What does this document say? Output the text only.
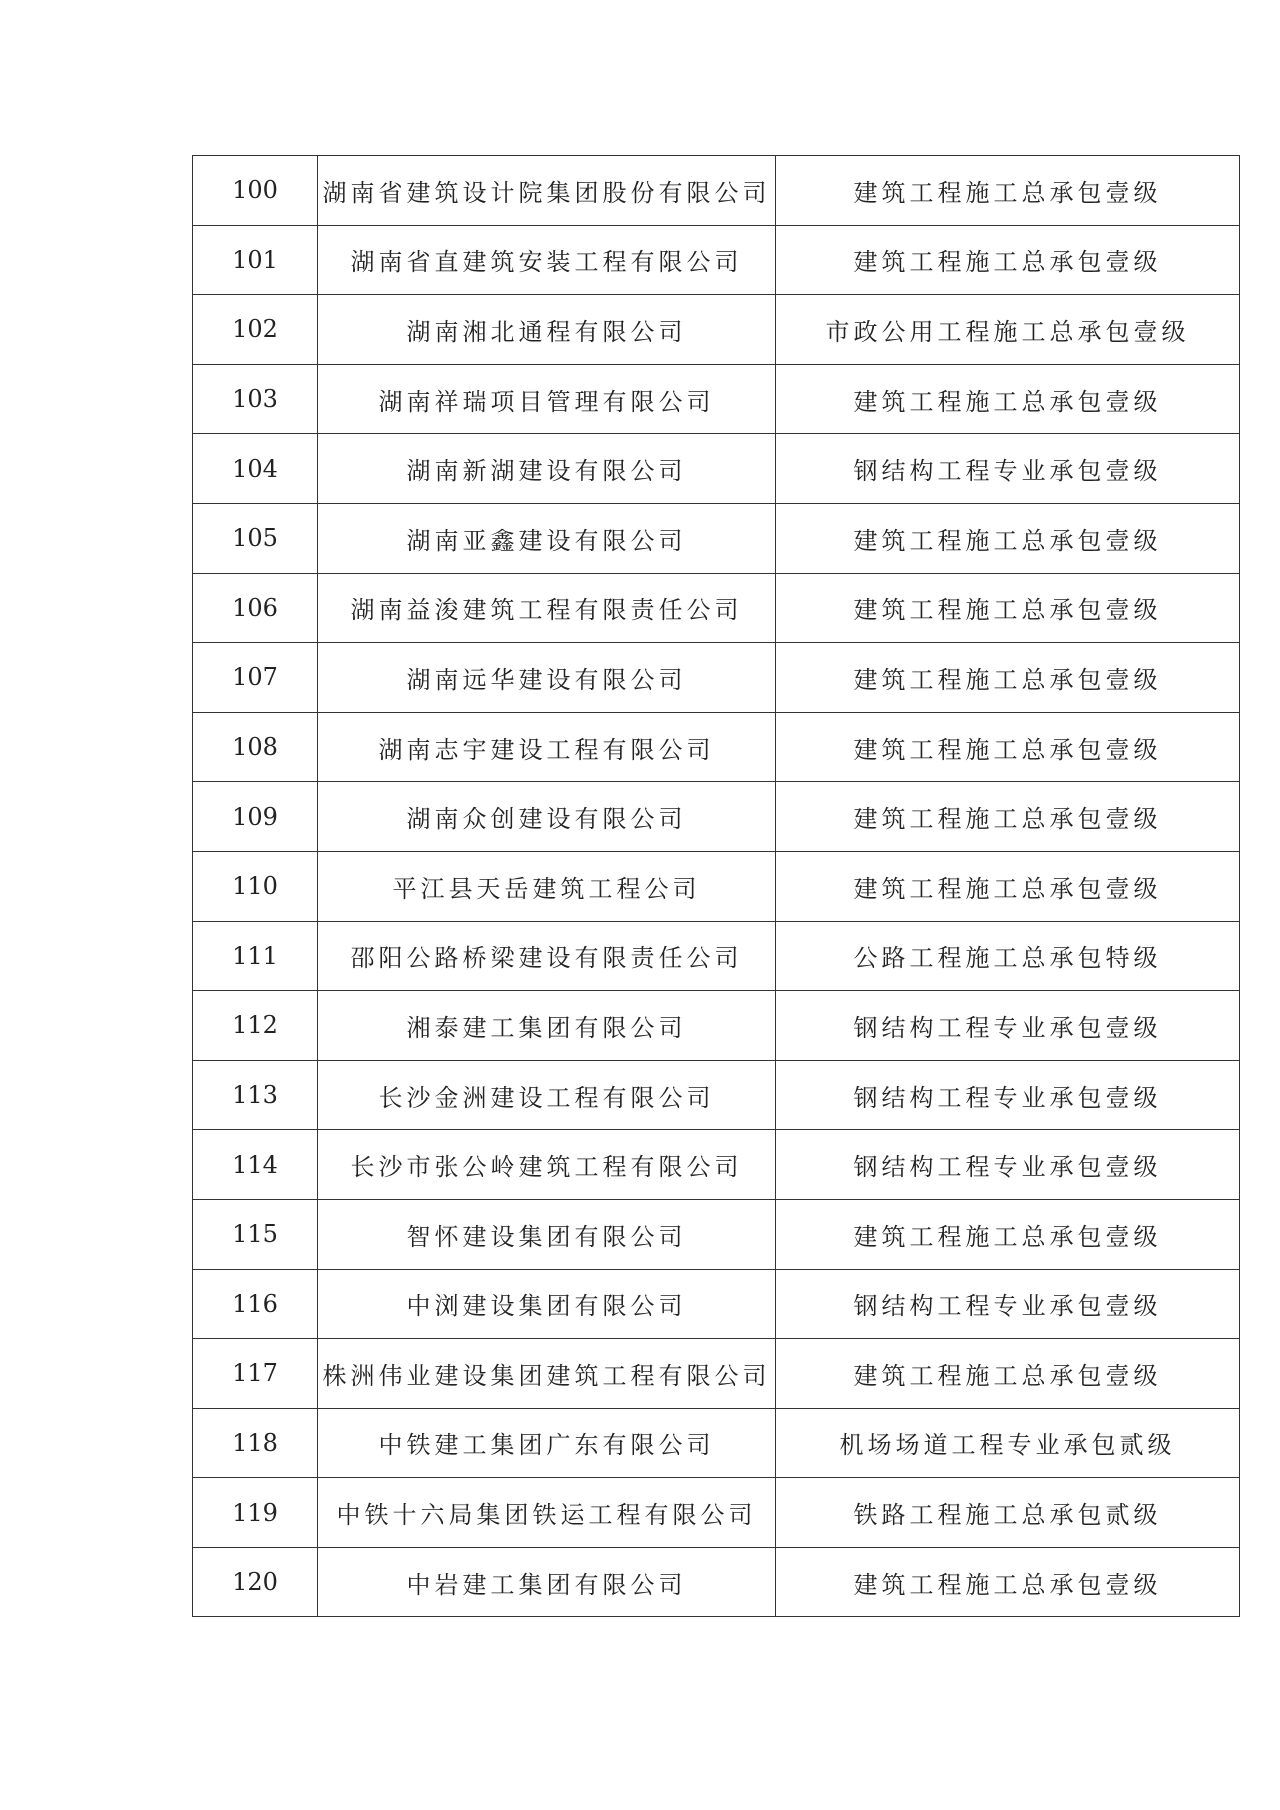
100	湖南省建筑设计院集团股份有限公司	建筑工程施工总承包壹级
101	湖南省直建筑安装工程有限公司	建筑工程施工总承包壹级
102	湖南湘北通程有限公司	市政公用工程施工总承包壹级
103	湖南祥瑞项目管理有限公司	建筑工程施工总承包壹级
104	湖南新湖建设有限公司	钢结构工程专业承包壹级
105	湖南亚鑫建设有限公司	建筑工程施工总承包壹级
106	湖南益浚建筑工程有限责任公司	建筑工程施工总承包壹级
107	湖南远华建设有限公司	建筑工程施工总承包壹级
108	湖南志宇建设工程有限公司	建筑工程施工总承包壹级
109	湖南众创建设有限公司	建筑工程施工总承包壹级
110	平江县天岳建筑工程公司	建筑工程施工总承包壹级
111	邵阳公路桥梁建设有限责任公司	公路工程施工总承包特级
112	湘泰建工集团有限公司	钢结构工程专业承包壹级
113	长沙金洲建设工程有限公司	钢结构工程专业承包壹级
114	长沙市张公岭建筑工程有限公司	钢结构工程专业承包壹级
115	智怀建设集团有限公司	建筑工程施工总承包壹级
116	中浏建设集团有限公司	钢结构工程专业承包壹级
117	株洲伟业建设集团建筑工程有限公司	建筑工程施工总承包壹级
118	中铁建工集团广东有限公司	机场场道工程专业承包贰级
119	中铁十六局集团铁运工程有限公司	铁路工程施工总承包贰级
120	中岩建工集团有限公司	建筑工程施工总承包壹级
